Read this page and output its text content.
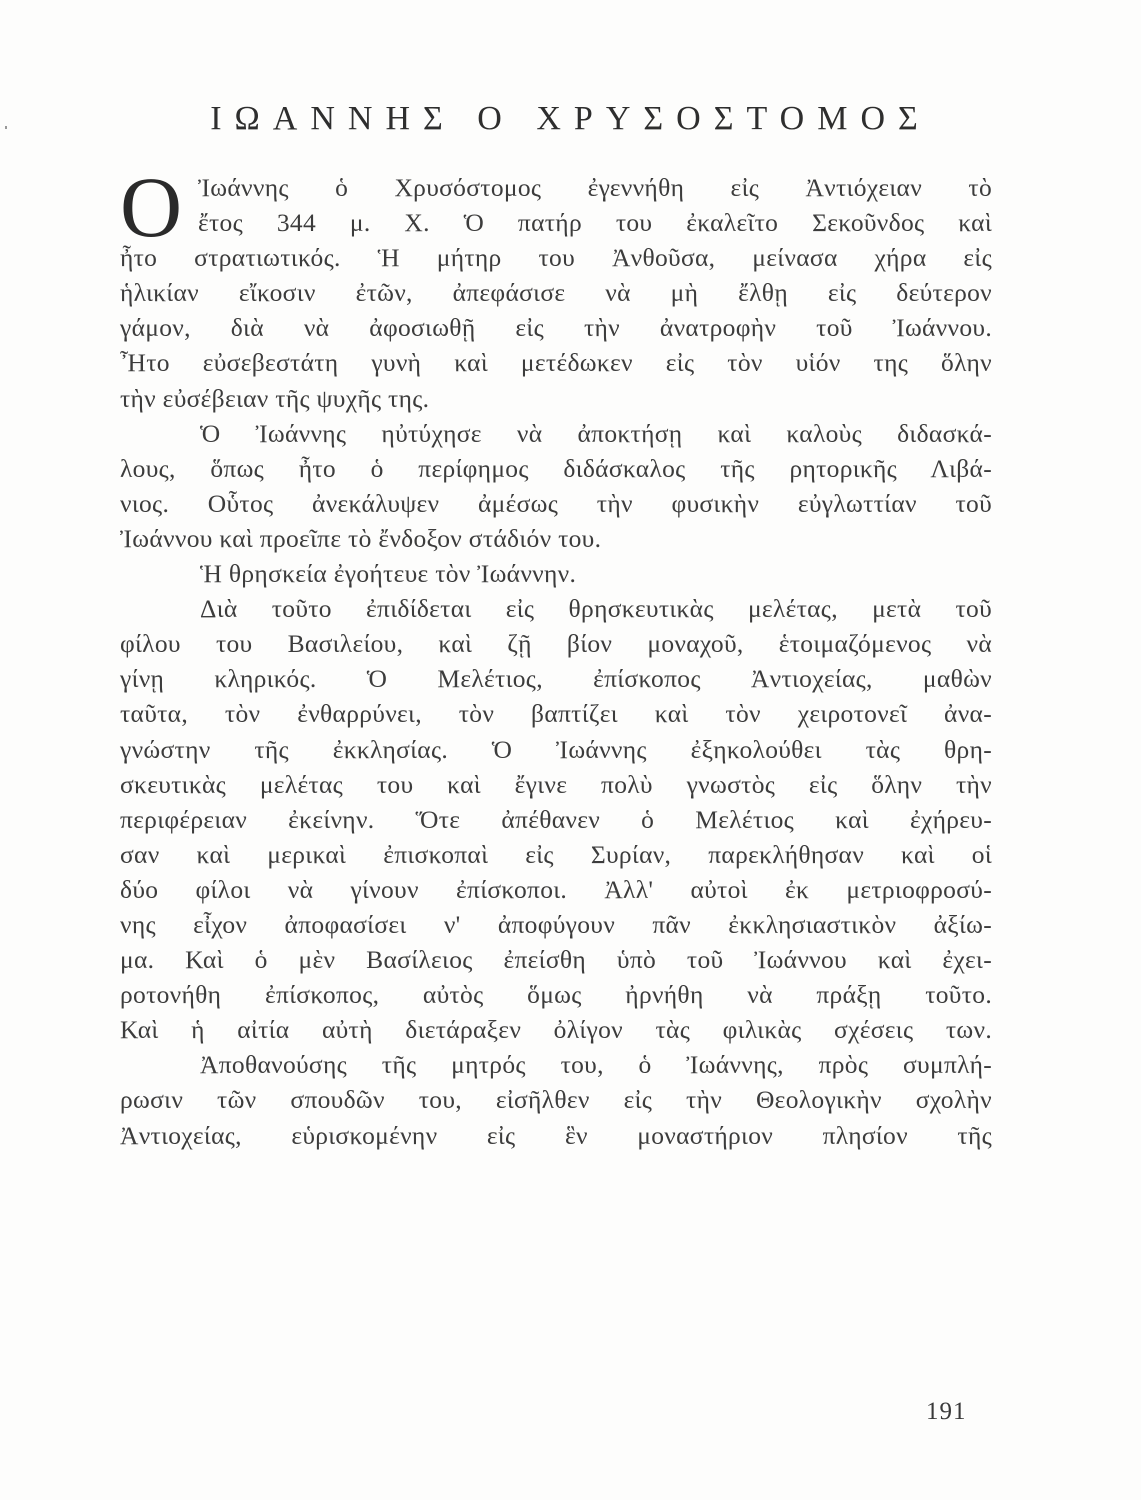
ΙΩΑΝΝΗΣ Ο ΧΡΥΣΟΣΤΟΜΟΣ
O Ἰωάννης ὁ Χρυσόστομος ἐγεννήθη εἰς Ἀντιόχειαν τὸ
ἔτος 344 μ. Χ. Ὁ πατήρ του ἐκαλεῖτο Σεκοῦνδος καὶ
ἦτο στρατιωτικός. Ἡ μήτηρ του Ἀνθοῦσα, μείνασα χήρα εἰς
ἡλικίαν εἴκοσιν ἐτῶν, ἀπεφάσισε νὰ μὴ ἔλθῃ εἰς δεύτερον
γάμον, διὰ νὰ ἀφοσιωθῇ εἰς τὴν ἀνατροφὴν τοῦ Ἰωάννου.
Ἦτο εὐσεβεστάτη γυνὴ καὶ μετέδωκεν εἰς τὸν υἱόν της ὅλην
τὴν εὐσέβειαν τῆς ψυχῆς της.
Ὁ Ἰωάννης ηὐτύχησε νὰ ἀποκτήσῃ καὶ καλοὺς διδασκά-
λους, ὅπως ἦτο ὁ περίφημος διδάσκαλος τῆς ρητορικῆς Λιβά-
νιος. Οὗτος ἀνεκάλυψεν ἀμέσως τὴν φυσικὴν εὐγλωττίαν τοῦ
Ἰωάννου καὶ προεῖπε τὸ ἔνδοξον στάδιόν του.
Ἡ θρησκεία ἐγοήτευε τὸν Ἰωάννην.
Διὰ τοῦτο ἐπιδίδεται εἰς θρησκευτικὰς μελέτας, μετὰ τοῦ
φίλου του Βασιλείου, καὶ ζῇ βίον μοναχοῦ, ἑτοιμαζόμενος νὰ
γίνῃ κληρικός. Ὁ Μελέτιος, ἐπίσκοπος Ἀντιοχείας, μαθὼν
ταῦτα, τὸν ἐνθαρρύνει, τὸν βαπτίζει καὶ τὸν χειροτονεῖ ἀνα-
γνώστην τῆς ἐκκλησίας. Ὁ Ἰωάννης ἐξηκολούθει τὰς θρη-
σκευτικὰς μελέτας του καὶ ἔγινε πολὺ γνωστὸς εἰς ὅλην τὴν
περιφέρειαν ἐκείνην. Ὅτε ἀπέθανεν ὁ Μελέτιος καὶ ἐχήρευ-
σαν καὶ μερικαὶ ἐπισκοπαὶ εἰς Συρίαν, παρεκλήθησαν καὶ οἱ
δύο φίλοι νὰ γίνουν ἐπίσκοποι. Ἀλλ' αὐτοὶ ἐκ μετριοφροσύ-
νης εἶχον ἀποφασίσει ν' ἀποφύγουν πᾶν ἐκκλησιαστικὸν ἀξίω-
μα. Καὶ ὁ μὲν Βασίλειος ἐπείσθη ὑπὸ τοῦ Ἰωάννου καὶ ἐχει-
ροτονήθη ἐπίσκοπος, αὐτὸς ὅμως ἠρνήθη νὰ πράξῃ τοῦτο.
Καὶ ἡ αἰτία αὐτὴ διετάραξεν ὀλίγον τὰς φιλικὰς σχέσεις των.
Ἀποθανούσης τῆς μητρός του, ὁ Ἰωάννης, πρὸς συμπλή-
ρωσιν τῶν σπουδῶν του, εἰσῆλθεν εἰς τὴν Θεολογικὴν σχολὴν
Ἀντιοχείας, εὑρισκομένην εἰς ἓν μοναστήριον πλησίον τῆς
191
